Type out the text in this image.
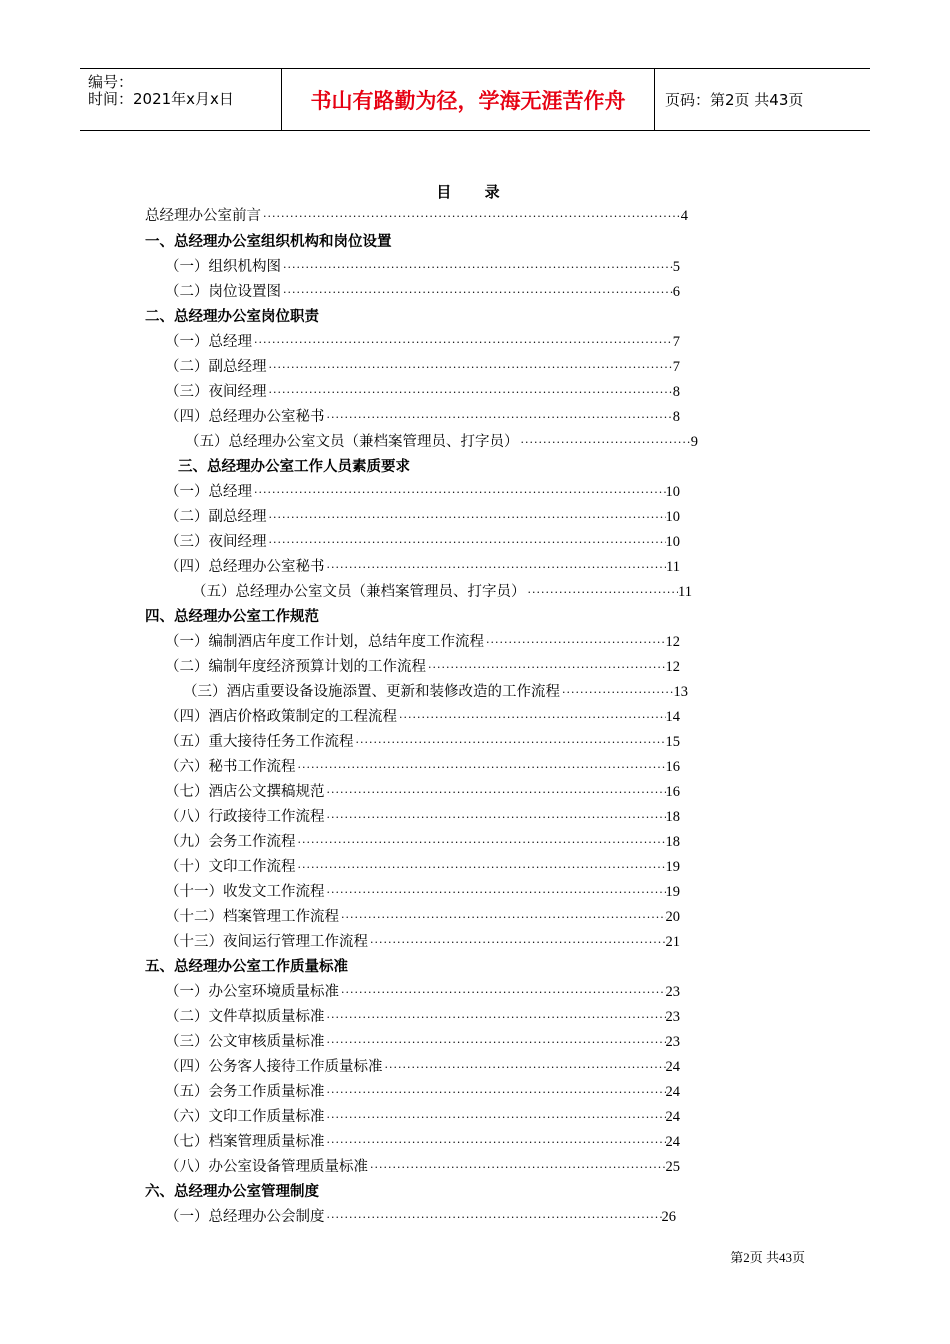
编号：
时间：2021年x月x日	书山有路勤为径，学海无涯苦作舟	页码：第2页 共43页
目 录
总经理办公室前言 ·····	4
一、总经理办公室组织机构和岗位设置
（一）组织机构图 ·····	5
（二）岗位设置图 ·····	6
二、总经理办公室岗位职责
（一）总经理 ·····	7
（二）副总经理 ·····	7
（三）夜间经理 ·····	8
（四）总经理办公室秘书 ·····	8
（五）总经理办公室文员（兼档案管理员、打字员） ·····	9
三、总经理办公室工作人员素质要求
（一）总经理 ·····	10
（二）副总经理 ·····	10
（三）夜间经理 ·····	10
（四）总经理办公室秘书 ·····	11
（五）总经理办公室文员（兼档案管理员、打字员） ·····	11
四、总经理办公室工作规范
（一）编制酒店年度工作计划，总结年度工作流程 ·····	12
（二）编制年度经济预算计划的工作流程 ·····	12
（三）酒店重要设备设施添置、更新和装修改造的工作流程 ·····	13
（四）酒店价格政策制定的工程流程 ·····	14
（五）重大接待任务工作流程 ·····	15
（六）秘书工作流程 ·····	16
（七）酒店公文撰稿规范 ·····	16
（八）行政接待工作流程 ·····	18
（九）会务工作流程 ·····	18
（十）文印工作流程 ·····	19
（十一）收发文工作流程 ·····	19
（十二）档案管理工作流程 ·····	20
（十三）夜间运行管理工作流程 ·····	21
五、总经理办公室工作质量标准
（一）办公室环境质量标准 ·····	23
（二）文件草拟质量标准 ·····	23
（三）公文审核质量标准 ·····	23
（四）公务客人接待工作质量标准 ·····	24
（五）会务工作质量标准 ·····	24
（六）文印工作质量标准 ·····	24
（七）档案管理质量标准 ·····	24
（八）办公室设备管理质量标准 ·····	25
六、总经理办公室管理制度
（一）总经理办公会制度 ·····	26
第2页 共43页
